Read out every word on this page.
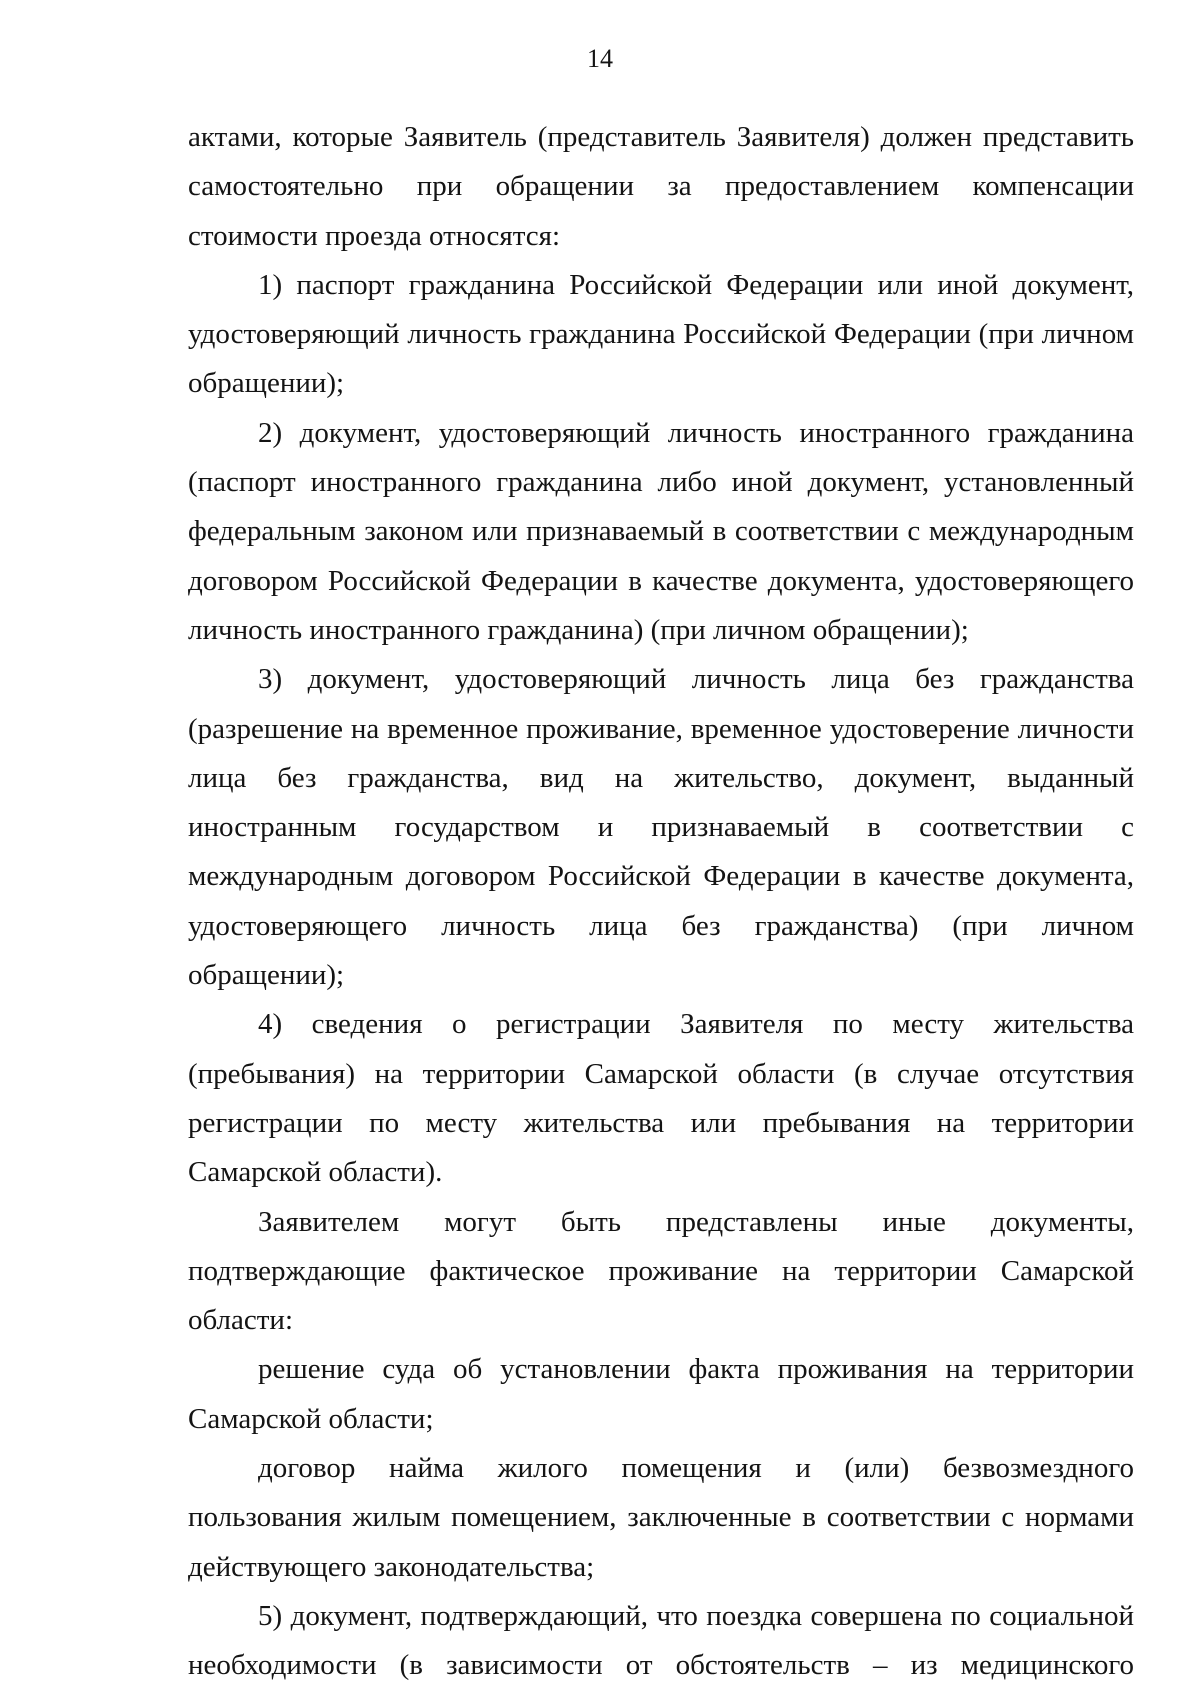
14

актами, которые Заявитель (представитель Заявителя) должен представить самостоятельно при обращении за предоставлением компенсации стоимости проезда относятся:

1) паспорт гражданина Российской Федерации или иной документ, удостоверяющий личность гражданина Российской Федерации (при личном обращении);

2) документ, удостоверяющий личность иностранного гражданина (паспорт иностранного гражданина либо иной документ, установленный федеральным законом или признаваемый в соответствии с международным договором Российской Федерации в качестве документа, удостоверяющего личность иностранного гражданина) (при личном обращении);

3) документ, удостоверяющий личность лица без гражданства (разрешение на временное проживание, временное удостоверение личности лица без гражданства, вид на жительство, документ, выданный иностранным государством и признаваемый в соответствии с международным договором Российской Федерации в качестве документа, удостоверяющего личность лица без гражданства) (при личном обращении);

4) сведения о регистрации Заявителя по месту жительства (пребывания) на территории Самарской области (в случае отсутствия регистрации по месту жительства или пребывания на территории Самарской области).

Заявителем могут быть представлены иные документы, подтверждающие фактическое проживание на территории Самарской области:

решение суда об установлении факта проживания на территории Самарской области;

договор найма жилого помещения и (или) безвозмездного пользования жилым помещением, заключенные в соответствии с нормами действующего законодательства;

5) документ, подтверждающий, что поездка совершена по социальной необходимости (в зависимости от обстоятельств – из медицинского
